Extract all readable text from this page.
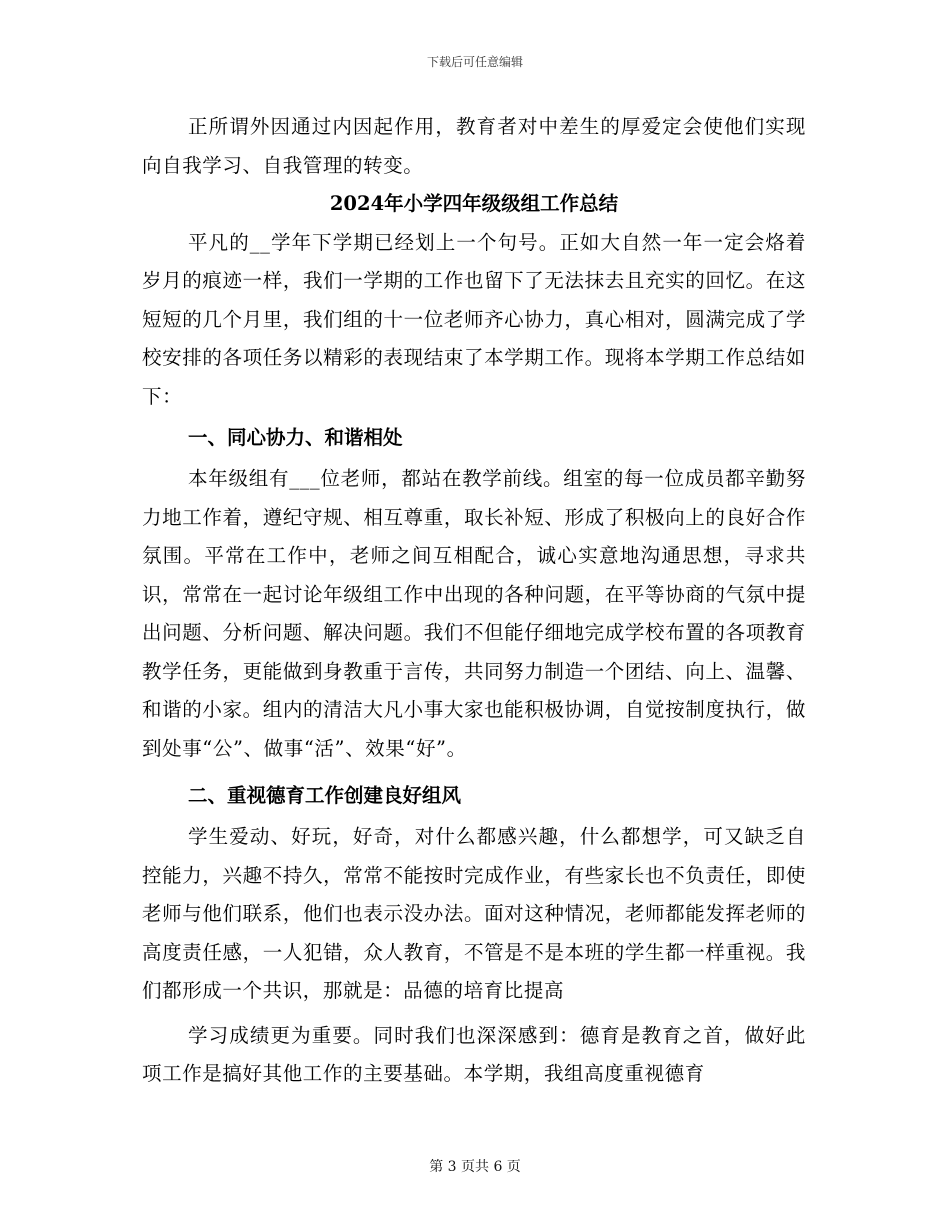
下载后可任意编辑

正所谓外因通过内因起作用，教育者对中差生的厚爱定会使他们实现向自我学习、自我管理的转变。

2024年小学四年级级组工作总结

平凡的__学年下学期已经划上一个句号。正如大自然一年一定会烙着岁月的痕迹一样，我们一学期的工作也留下了无法抹去且充实的回忆。在这短短的几个月里，我们组的十一位老师齐心协力，真心相对，圆满完成了学校安排的各项任务以精彩的表现结束了本学期工作。现将本学期工作总结如下：

一、同心协力、和谐相处

本年级组有___位老师，都站在教学前线。组室的每一位成员都辛勤努力地工作着，遵纪守规、相互尊重，取长补短、形成了积极向上的良好合作氛围。平常在工作中，老师之间互相配合，诚心实意地沟通思想，寻求共识，常常在一起讨论年级组工作中出现的各种问题，在平等协商的气氛中提出问题、分析问题、解决问题。我们不但能仔细地完成学校布置的各项教育教学任务，更能做到身教重于言传，共同努力制造一个团结、向上、温馨、和谐的小家。组内的清洁大凡小事大家也能积极协调，自觉按制度执行，做到处事“公”、做事“活”、效果“好”。

二、重视德育工作创建良好组风

学生爱动、好玩，好奇，对什么都感兴趣，什么都想学，可又缺乏自控能力，兴趣不持久，常常不能按时完成作业，有些家长也不负责任，即使老师与他们联系，他们也表示没办法。面对这种情况，老师都能发挥老师的高度责任感，一人犯错，众人教育，不管是不是本班的学生都一样重视。我们都形成一个共识，那就是：品德的培育比提高

学习成绩更为重要。同时我们也深深感到：德育是教育之首，做好此项工作是搞好其他工作的主要基础。本学期，我组高度重视德育

第 3 页共 6 页
